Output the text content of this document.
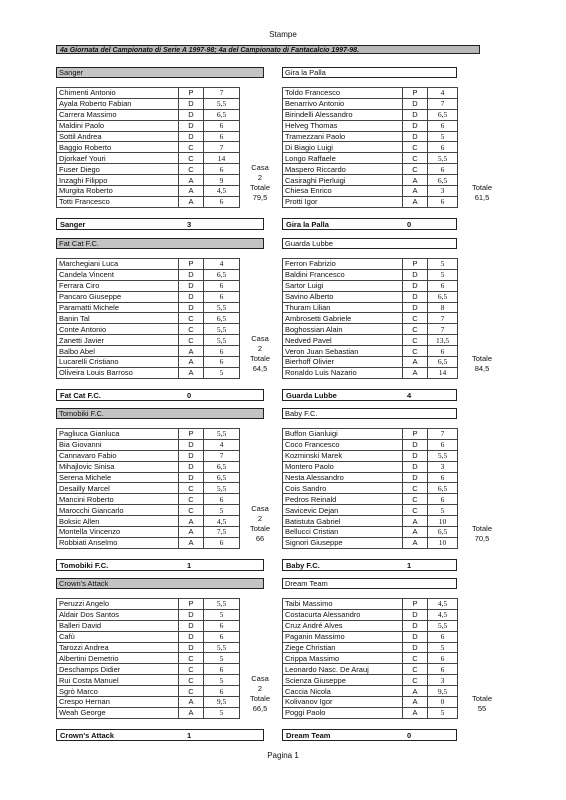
Stampe
4a Giornata del Campionato di Serie A 1997-98; 4a del Campionato di Fantacalcio 1997-98.
Sanger	Gira la Palla
Chimenti Antonio	P	7
Ayala Roberto Fabian	D	5,5
Carrera Massimo	D	6,5
Maldini Paolo	D	6
Sottil Andrea	D	6
Baggio Roberto	C	7
Djorkaef Youri	C	14
Fuser Diego	C	6
Inzaghi Filippo	A	9
Murgita Roberto	A	4,5
Totti Francesco	A	6
Toldo Francesco	P	4
Benarrivo Antonio	D	7
Birindelli Alessandro	D	6,5
Helveg Thomas	D	6
Tramezzani Paolo	D	5
Di Biagio Luigi	C	6
Longo Raffaele	C	5,5
Maspero Riccardo	C	6
Casiraghi Pierluigi	A	6,5
Chiesa Enrico	A	3
Protti Igor	A	6
Casa
2
Totale
79,5
Totale
61,5
Sanger	3	Gira la Palla	0
Fat Cat F.C.	Guarda Lubbe
Marchegiani Luca	P	4
Candela Vincent	D	6,5
Ferrara Ciro	D	6
Pancaro Giuseppe	D	6
Paramatti Michele	D	5,5
Banin Tal	C	6,5
Conte Antonio	C	5,5
Zanetti Javier	C	5,5
Balbo Abel	A	6
Lucarelli Cristiano	A	6
Oliveira Louis Barroso	A	5
Ferron Fabrizio	P	5
Baldini Francesco	D	5
Sartor Luigi	D	6
Savino Alberto	D	6,5
Thuram Lilian	D	8
Ambrosetti Gabriele	C	7
Boghossian Alain	C	7
Nedved Pavel	C	13,5
Veron Juan Sebastian	C	6
Bierhoff Olivier	A	6,5
Ronaldo Luis Nazario	A	14
Casa
2
Totale
64,5
Totale
84,5
Fat Cat F.C.	0	Guarda Lubbe	4
Tomobiki F.C.	Baby F.C.
Pagliuca Gianluca	P	5,5
Bia Giovanni	D	4
Cannavaro Fabio	D	7
Mihajlovic Sinisa	D	6,5
Serena Michele	D	6,5
Desailly Marcel	C	5,5
Mancini Roberto	C	6
Marocchi Giancarlo	C	5
Boksic Allen	A	4,5
Montella Vincenzo	A	7,5
Robbiati Anselmo	A	6
Buffon Gianluigi	P	7
Coco Francesco	D	6
Kozminski Marek	D	5,5
Montero Paolo	D	3
Nesta Alessandro	D	6
Cois Sandro	C	6,5
Pedros Reinald	C	6
Savicevic Dejan	C	5
Batistuta Gabriel	A	10
Bellucci Cristian	A	6,5
Signori Giuseppe	A	10
Casa
2
Totale
66
Totale
70,5
Tomobiki F.C.	1	Baby F.C.	1
Crown's Attack	Dream Team
Peruzzi Angelo	P	5,5
Aldair Dos Santos	D	5
Balleri David	D	6
Cafù	D	6
Tarozzi Andrea	D	5,5
Albertini Demetrio	C	5
Deschamps Didier	C	6
Rui Costa Manuel	C	5
Sgrò Marco	C	6
Crespo Hernan	A	9,5
Weah George	A	5
Taibi Massimo	P	4,5
Costacurta Alessandro	D	4,5
Cruz André Alves	D	5,5
Paganin Massimo	D	6
Ziege Christian	D	5
Crippa Massimo	C	6
Leonardo Nasc. De Arauj	C	6
Scienza Giuseppe	C	3
Caccia Nicola	A	9,5
Kolivanov Igor	A	0
Poggi Paolo	A	5
Casa
2
Totale
66,5
Totale
55
Crown's Attack	1	Dream Team	0
Pagina 1
